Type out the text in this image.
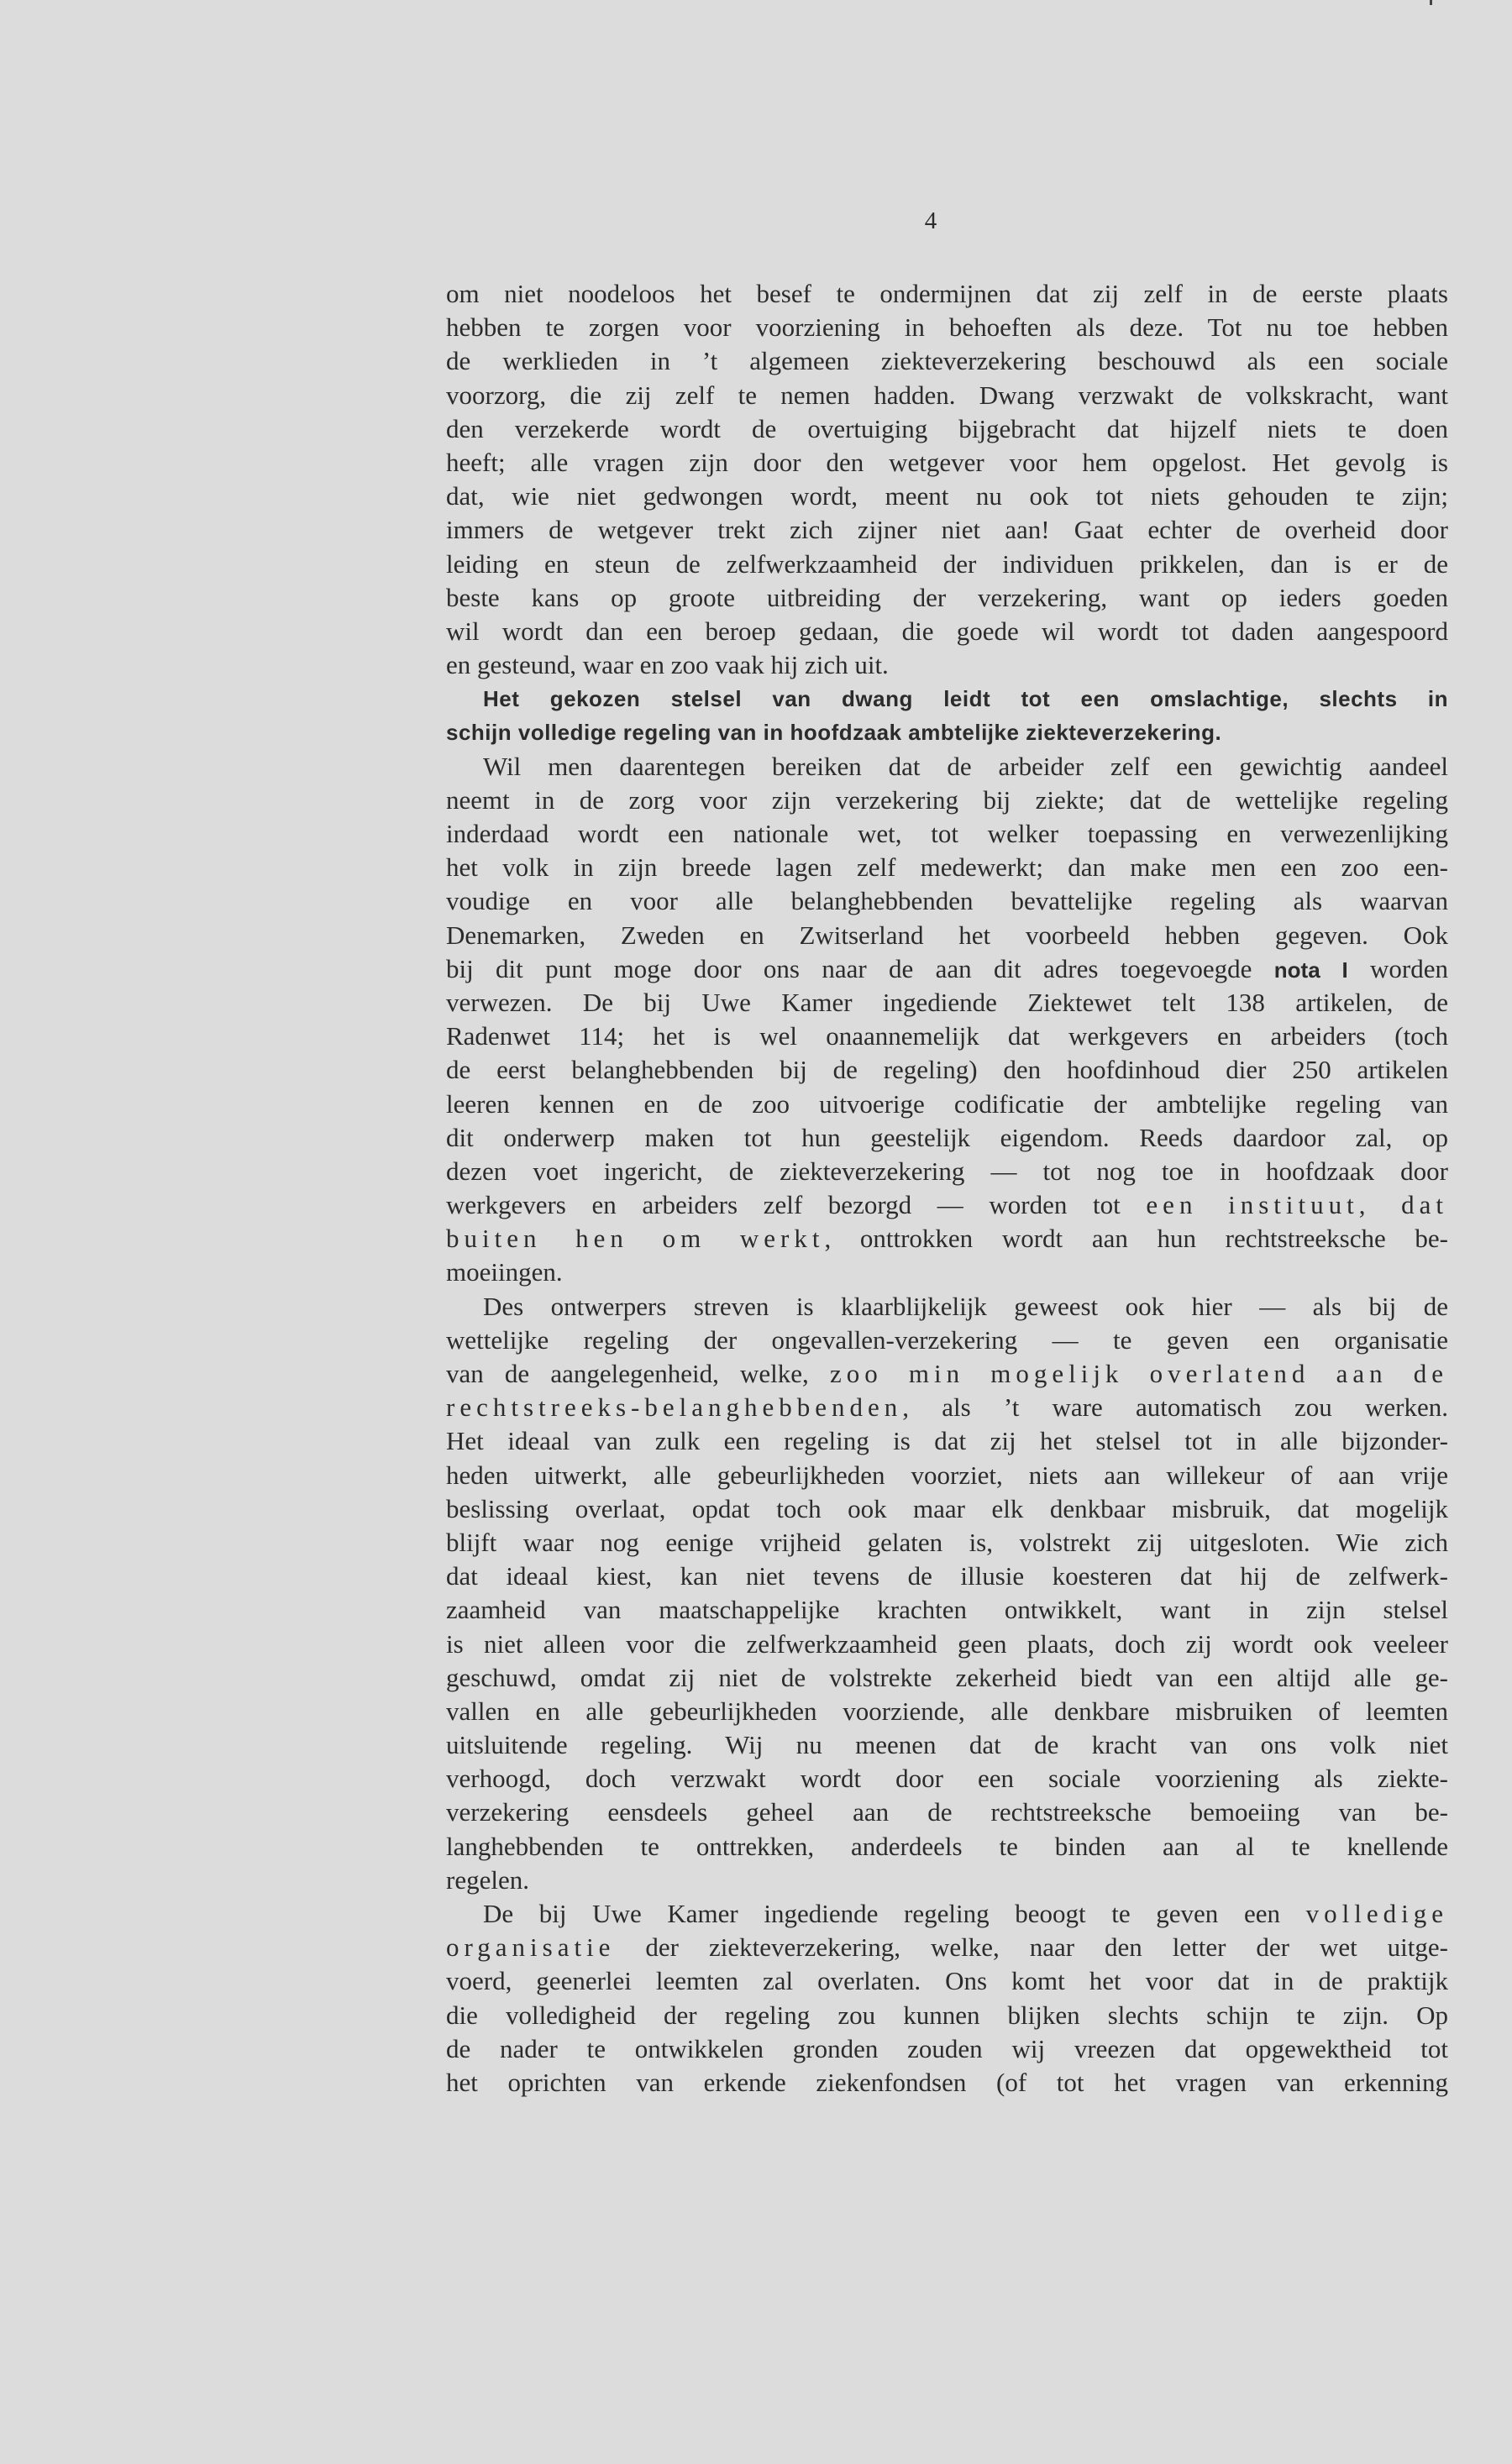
4
om niet noodeloos het besef te ondermijnen dat zij zelf in de eerste plaats
hebben te zorgen voor voorziening in behoeften als deze. Tot nu toe hebben
de werklieden in ’t algemeen ziekteverzekering beschouwd als een sociale
voorzorg, die zij zelf te nemen hadden. Dwang verzwakt de volkskracht, want
den verzekerde wordt de overtuiging bijgebracht dat hijzelf niets te doen
heeft; alle vragen zijn door den wetgever voor hem opgelost. Het gevolg is
dat, wie niet gedwongen wordt, meent nu ook tot niets gehouden te zijn;
immers de wetgever trekt zich zijner niet aan! Gaat echter de overheid door
leiding en steun de zelfwerkzaamheid der individuen prikkelen, dan is er de
beste kans op groote uitbreiding der verzekering, want op ieders goeden
wil wordt dan een beroep gedaan, die goede wil wordt tot daden aangespoord
en gesteund, waar en zoo vaak hij zich uit.
Het gekozen stelsel van dwang leidt tot een omslachtige, slechts in
schijn volledige regeling van in hoofdzaak ambtelijke ziekteverzekering.
Wil men daarentegen bereiken dat de arbeider zelf een gewichtig aandeel
neemt in de zorg voor zijn verzekering bij ziekte; dat de wettelijke regeling
inderdaad wordt een nationale wet, tot welker toepassing en verwezenlijking
het volk in zijn breede lagen zelf medewerkt; dan make men een zoo een-
voudige en voor alle belanghebbenden bevattelijke regeling als waarvan
Denemarken, Zweden en Zwitserland het voorbeeld hebben gegeven. Ook
bij dit punt moge door ons naar de aan dit adres toegevoegde nota I worden
verwezen. De bij Uwe Kamer ingediende Ziektewet telt 138 artikelen, de
Radenwet 114; het is wel onaannemelijk dat werkgevers en arbeiders (toch
de eerst belanghebbenden bij de regeling) den hoofdinhoud dier 250 artikelen
leeren kennen en de zoo uitvoerige codificatie der ambtelijke regeling van
dit onderwerp maken tot hun geestelijk eigendom. Reeds daardoor zal, op
dezen voet ingericht, de ziekteverzekering — tot nog toe in hoofdzaak door
werkgevers en arbeiders zelf bezorgd — worden tot een instituut, dat
buiten hen om werkt, onttrokken wordt aan hun rechtstreeksche be-
moeiingen.
Des ontwerpers streven is klaarblijkelijk geweest ook hier — als bij de
wettelijke regeling der ongevallen-verzekering — te geven een organisatie
van de aangelegenheid, welke, zoo min mogelijk overlatend aan de
rechtstreeks-belanghebbenden, als ’t ware automatisch zou werken.
Het ideaal van zulk een regeling is dat zij het stelsel tot in alle bijzonder-
heden uitwerkt, alle gebeurlijkheden voorziet, niets aan willekeur of aan vrije
beslissing overlaat, opdat toch ook maar elk denkbaar misbruik, dat mogelijk
blijft waar nog eenige vrijheid gelaten is, volstrekt zij uitgesloten. Wie zich
dat ideaal kiest, kan niet tevens de illusie koesteren dat hij de zelfwerk-
zaamheid van maatschappelijke krachten ontwikkelt, want in zijn stelsel
is niet alleen voor die zelfwerkzaamheid geen plaats, doch zij wordt ook veeleer
geschuwd, omdat zij niet de volstrekte zekerheid biedt van een altijd alle ge-
vallen en alle gebeurlijkheden voorziende, alle denkbare misbruiken of leemten
uitsluitende regeling. Wij nu meenen dat de kracht van ons volk niet
verhoogd, doch verzwakt wordt door een sociale voorziening als ziekte-
verzekering eensdeels geheel aan de rechtstreeksche bemoeiing van be-
langhebbenden te onttrekken, anderdeels te binden aan al te knellende
regelen.
De bij Uwe Kamer ingediende regeling beoogt te geven een volledige
organisatie der ziekteverzekering, welke, naar den letter der wet uitge-
voerd, geenerlei leemten zal overlaten. Ons komt het voor dat in de praktijk
die volledigheid der regeling zou kunnen blijken slechts schijn te zijn. Op
de nader te ontwikkelen gronden zouden wij vreezen dat opgewektheid tot
het oprichten van erkende ziekenfondsen (of tot het vragen van erkenning
